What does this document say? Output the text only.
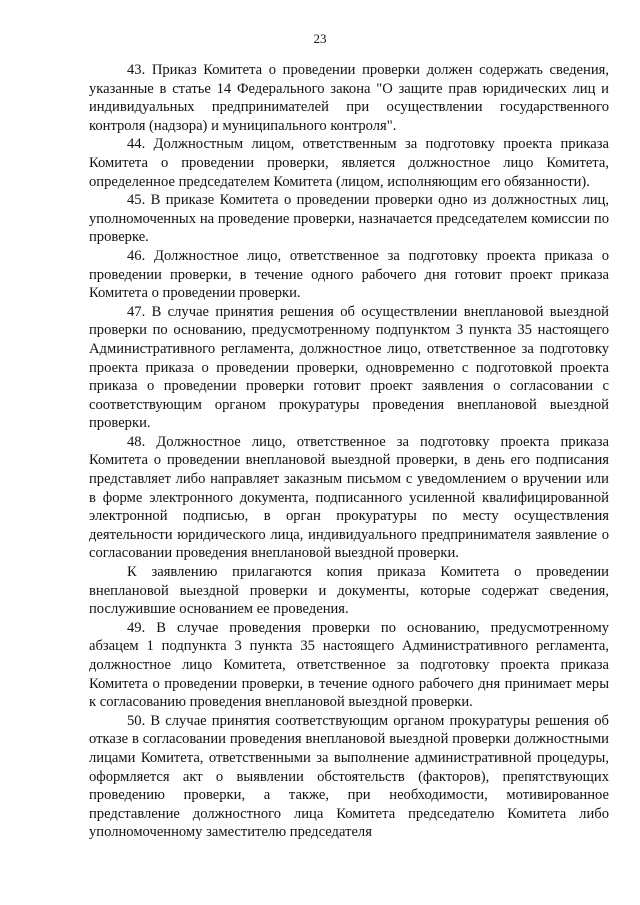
23

43. Приказ Комитета о проведении проверки должен содержать сведения, указанные в статье 14 Федерального закона "О защите прав юридических лиц и индивидуальных предпринимателей при осуществлении государственного контроля (надзора) и муниципального контроля".

44. Должностным лицом, ответственным за подготовку проекта приказа Комитета о проведении проверки, является должностное лицо Комитета, определенное председателем Комитета (лицом, исполняющим его обязанности).

45. В приказе Комитета о проведении проверки одно из должностных лиц, уполномоченных на проведение проверки, назначается председателем комиссии по проверке.

46. Должностное лицо, ответственное за подготовку проекта приказа о проведении проверки, в течение одного рабочего дня готовит проект приказа Комитета о проведении проверки.

47. В случае принятия решения об осуществлении внеплановой выездной проверки по основанию, предусмотренному подпунктом 3 пункта 35 настоящего Административного регламента, должностное лицо, ответственное за подготовку проекта приказа о проведении проверки, одновременно с подготовкой проекта приказа о проведении проверки готовит проект заявления о согласовании с соответствующим органом прокуратуры проведения внеплановой выездной проверки.

48. Должностное лицо, ответственное за подготовку проекта приказа Комитета о проведении внеплановой выездной проверки, в день его подписания представляет либо направляет заказным письмом с уведомлением о вручении или в форме электронного документа, подписанного усиленной квалифицированной электронной подписью, в орган прокуратуры по месту осуществления деятельности юридического лица, индивидуального предпринимателя заявление о согласовании проведения внеплановой выездной проверки.

К заявлению прилагаются копия приказа Комитета о проведении внеплановой выездной проверки и документы, которые содержат сведения, послужившие основанием ее проведения.

49. В случае проведения проверки по основанию, предусмотренному абзацем 1 подпункта 3 пункта 35 настоящего Административного регламента, должностное лицо Комитета, ответственное за подготовку проекта приказа Комитета о проведении проверки, в течение одного рабочего дня принимает меры к согласованию проведения внеплановой выездной проверки.

50. В случае принятия соответствующим органом прокуратуры решения об отказе в согласовании проведения внеплановой выездной проверки должностными лицами Комитета, ответственными за выполнение административной процедуры, оформляется акт о выявлении обстоятельств (факторов), препятствующих проведению проверки, а также, при необходимости, мотивированное представление должностного лица Комитета председателю Комитета либо уполномоченному заместителю председателя
